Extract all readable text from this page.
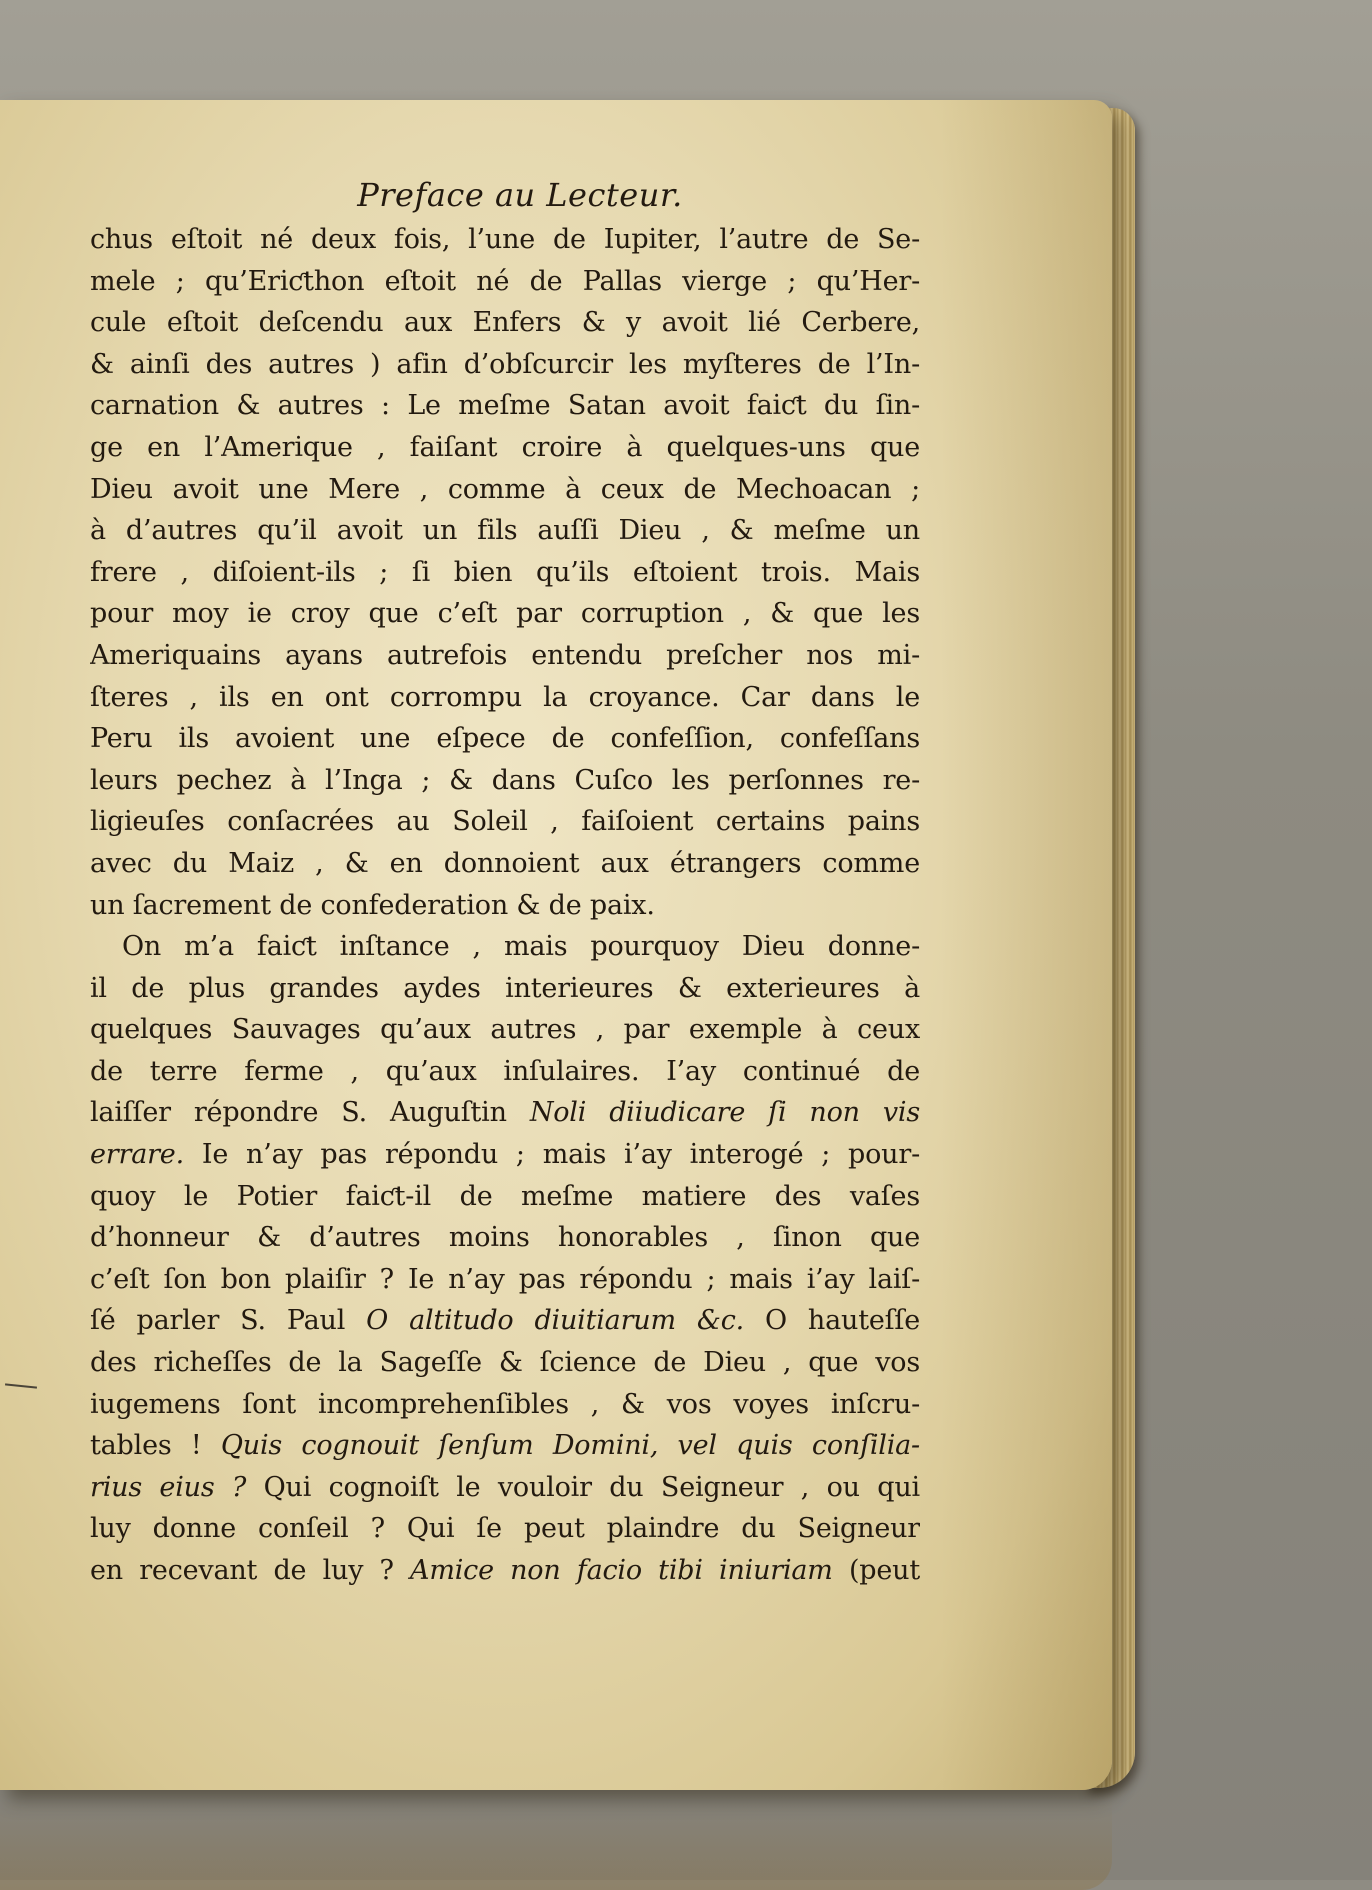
Preface au Lecteur.
chus eſtoit né deux fois, l’une de Iupiter, l’autre de Se-
mele ; qu’Eriƈthon eſtoit né de Pallas vierge ; qu’Her-
cule eſtoit deſcendu aux Enfers & y avoit lié Cerbere,
& ainſi des autres ) afin d’obſcurcir les myſteres de l’In-
carnation & autres : Le meſme Satan avoit faiƈt du ſin-
ge en l’Amerique , faiſant croire à quelques-uns que
Dieu avoit une Mere , comme à ceux de Mechoacan ;
à d’autres qu’il avoit un fils auſſi Dieu , & meſme un
frere , diſoient-ils ; ſi bien qu’ils eſtoient trois. Mais
pour moy ie croy que c’eſt par corruption , & que les
Ameriquains ayans autrefois entendu preſcher nos mi-
ſteres , ils en ont corrompu la croyance. Car dans le
Peru ils avoient une eſpece de confeſſion, confeſſans
leurs pechez à l’Inga ; & dans Cuſco les perſonnes re-
ligieuſes conſacrées au Soleil , faiſoient certains pains
avec du Maiz , & en donnoient aux étrangers comme
un ſacrement de confederation & de paix.
On m’a faiƈt inſtance , mais pourquoy Dieu donne-
il de plus grandes aydes interieures & exterieures à
quelques Sauvages qu’aux autres , par exemple à ceux
de terre ferme , qu’aux inſulaires. I’ay continué de
laiſſer répondre S. Auguſtin Noli diiudicare ſi non vis
errare. Ie n’ay pas répondu ; mais i’ay interogé ; pour-
quoy le Potier faiƈt-il de meſme matiere des vaſes
d’honneur & d’autres moins honorables , ſinon que
c’eſt ſon bon plaiſir ? Ie n’ay pas répondu ; mais i’ay laiſ-
ſé parler S. Paul O altitudo diuitiarum &c. O hauteſſe
des richeſſes de la Sageſſe & ſcience de Dieu , que vos
iugemens ſont incomprehenſibles , & vos voyes inſcru-
tables ! Quis cognouit ſenſum Domini, vel quis conſilia-
rius eius ? Qui cognoiſt le vouloir du Seigneur , ou qui
luy donne conſeil ? Qui ſe peut plaindre du Seigneur
en recevant de luy ? Amice non facio tibi iniuriam (peut
